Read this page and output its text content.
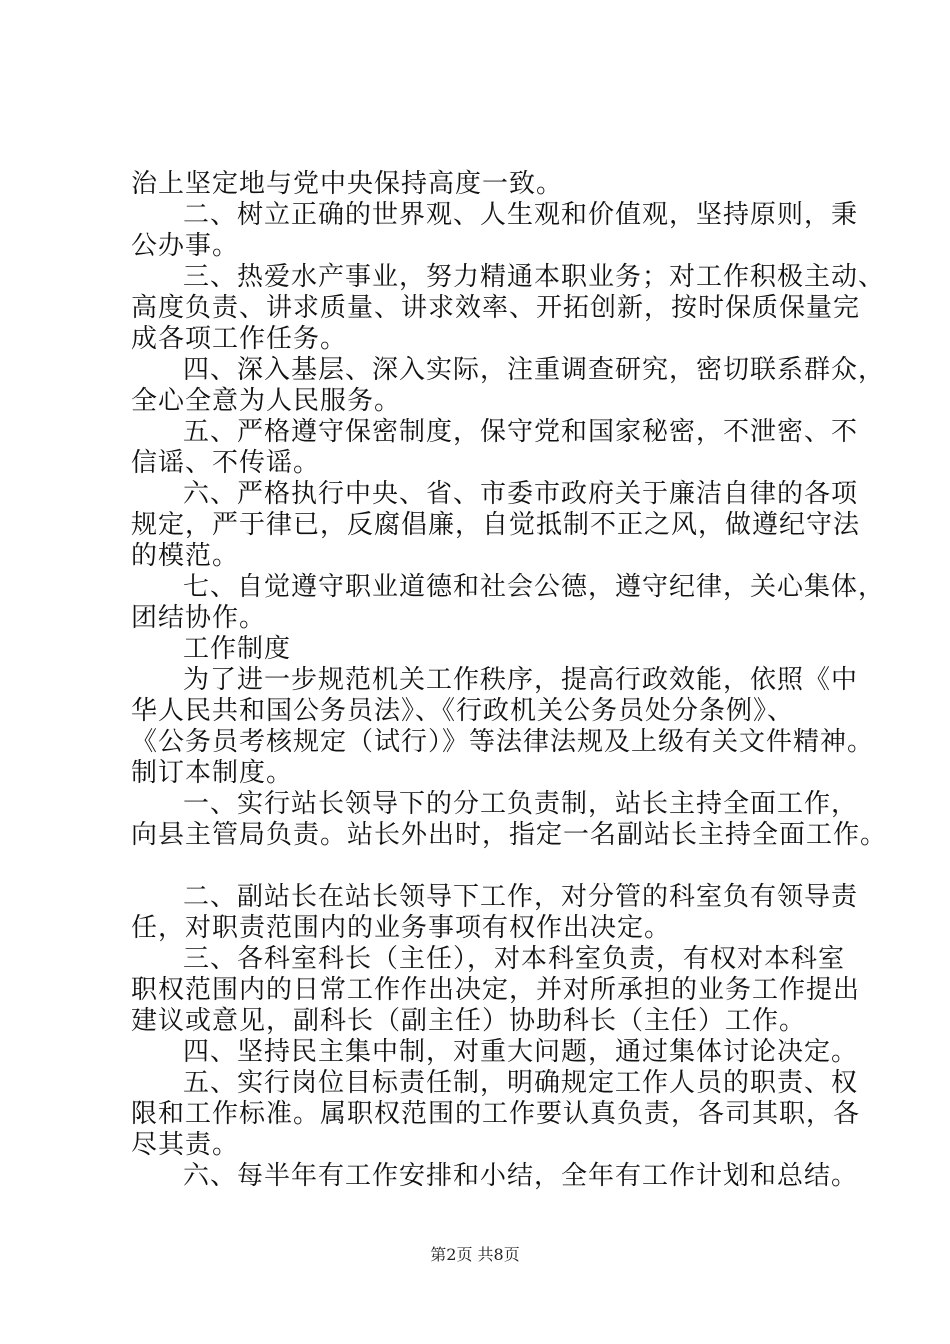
治上坚定地与党中央保持高度一致。
二、树立正确的世界观、人生观和价值观，坚持原则，秉
公办事。
三、热爱水产事业，努力精通本职业务；对工作积极主动、
高度负责、讲求质量、讲求效率、开拓创新，按时保质保量完
成各项工作任务。
四、深入基层、深入实际，注重调查研究，密切联系群众，
全心全意为人民服务。
五、严格遵守保密制度，保守党和国家秘密，不泄密、不
信谣、不传谣。
六、严格执行中央、省、市委市政府关于廉洁自律的各项
规定，严于律已，反腐倡廉，自觉抵制不正之风，做遵纪守法
的模范。
七、自觉遵守职业道德和社会公德，遵守纪律，关心集体，
团结协作。
工作制度
为了进一步规范机关工作秩序，提高行政效能，依照《中
华人民共和国公务员法》、《行政机关公务员处分条例》、
《公务员考核规定（试行）》等法律法规及上级有关文件精神。
制订本制度。
一、实行站长领导下的分工负责制，站长主持全面工作，
向县主管局负责。站长外出时，指定一名副站长主持全面工作。
二、副站长在站长领导下工作，对分管的科室负有领导责
任，对职责范围内的业务事项有权作出决定。
三、各科室科长（主任），对本科室负责，有权对本科室
职权范围内的日常工作作出决定，并对所承担的业务工作提出
建议或意见，副科长（副主任）协助科长（主任）工作。
四、坚持民主集中制，对重大问题，通过集体讨论决定。
五、实行岗位目标责任制，明确规定工作人员的职责、权
限和工作标准。属职权范围的工作要认真负责，各司其职，各
尽其责。
六、每半年有工作安排和小结，全年有工作计划和总结。
第2页 共8页
